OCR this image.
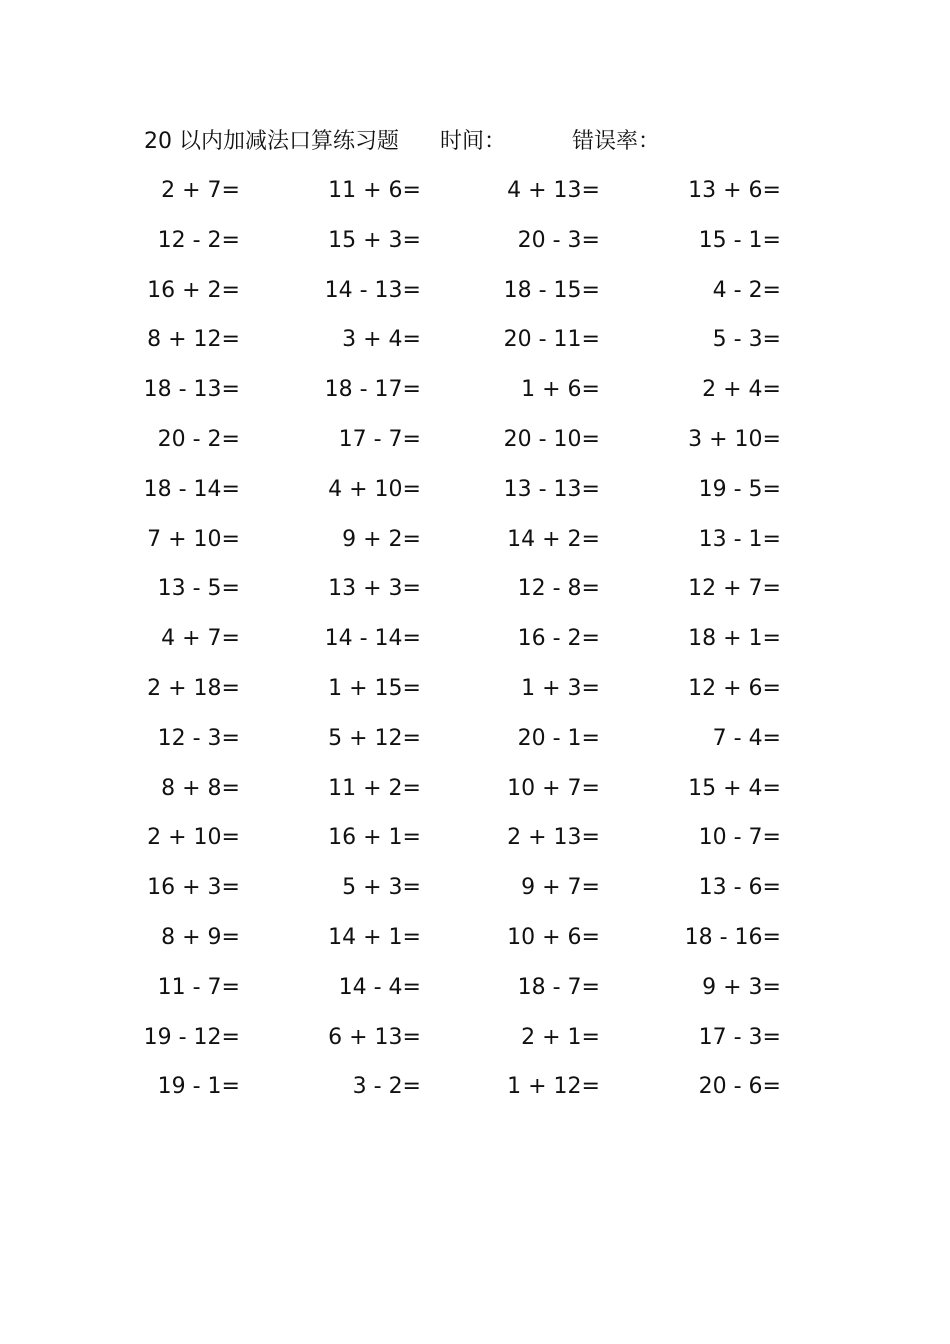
20 以内加减法口算练习题 时间：	错误率：
2 + 7=	11 + 6=	4 + 13=	13 + 6=
12 - 2=	15 + 3=	20 - 3=	15 - 1=
16 + 2=	14 - 13=	18 - 15=	4 - 2=
8 + 12=	3 + 4=	20 - 11=	5 - 3=
18 - 13=	18 - 17=	1 + 6=	2 + 4=
20 - 2=	17 - 7=	20 - 10=	3 + 10=
18 - 14=	4 + 10=	13 - 13=	19 - 5=
7 + 10=	9 + 2=	14 + 2=	13 - 1=
13 - 5=	13 + 3=	12 - 8=	12 + 7=
4 + 7=	14 - 14=	16 - 2=	18 + 1=
2 + 18=	1 + 15=	1 + 3=	12 + 6=
12 - 3=	5 + 12=	20 - 1=	7 - 4=
8 + 8=	11 + 2=	10 + 7=	15 + 4=
2 + 10=	16 + 1=	2 + 13=	10 - 7=
16 + 3=	5 + 3=	9 + 7=	13 - 6=
8 + 9=	14 + 1=	10 + 6=	18 - 16=
11 - 7=	14 - 4=	18 - 7=	9 + 3=
19 - 12=	6 + 13=	2 + 1=	17 - 3=
19 - 1=	3 - 2=	1 + 12=	20 - 6=
